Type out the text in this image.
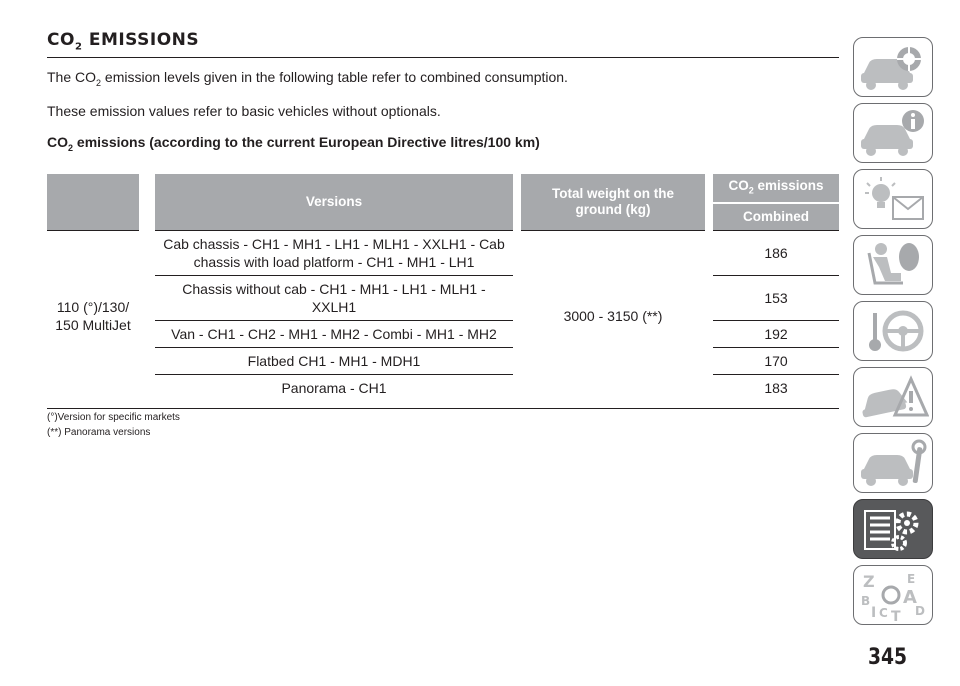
$CO_2$ EMISSIONS

The $CO_2$ emission levels given in the following table refer to combined consumption.

These emission values refer to basic vehicles without optionals.

$CO_2$ emissions (according to the current European Directive litres/100 km)

		Versions		Total weight on the ground (kg)		$CO_2$ emissions
						Combined
110 (°)/130/ 150 MultiJet		Cab chassis - CH1 - MH1 - LH1 - MLH1 - XXLH1 - Cab chassis with load platform - CH1 - MH1 - LH1		3000 - 3150 (**)		186
		Chassis without cab - CH1 - MH1 - LH1 - MLH1 - XXLH1				153
		Van - CH1 - CH2 - MH1 - MH2 - Combi - MH1 - MH2				192
		Flatbed CH1 - MH1 - MDH1				170
		Panorama - CH1				183

(°)Version for specific markets

(**) Panorama versions

Z	E
B A
I C T D
345
